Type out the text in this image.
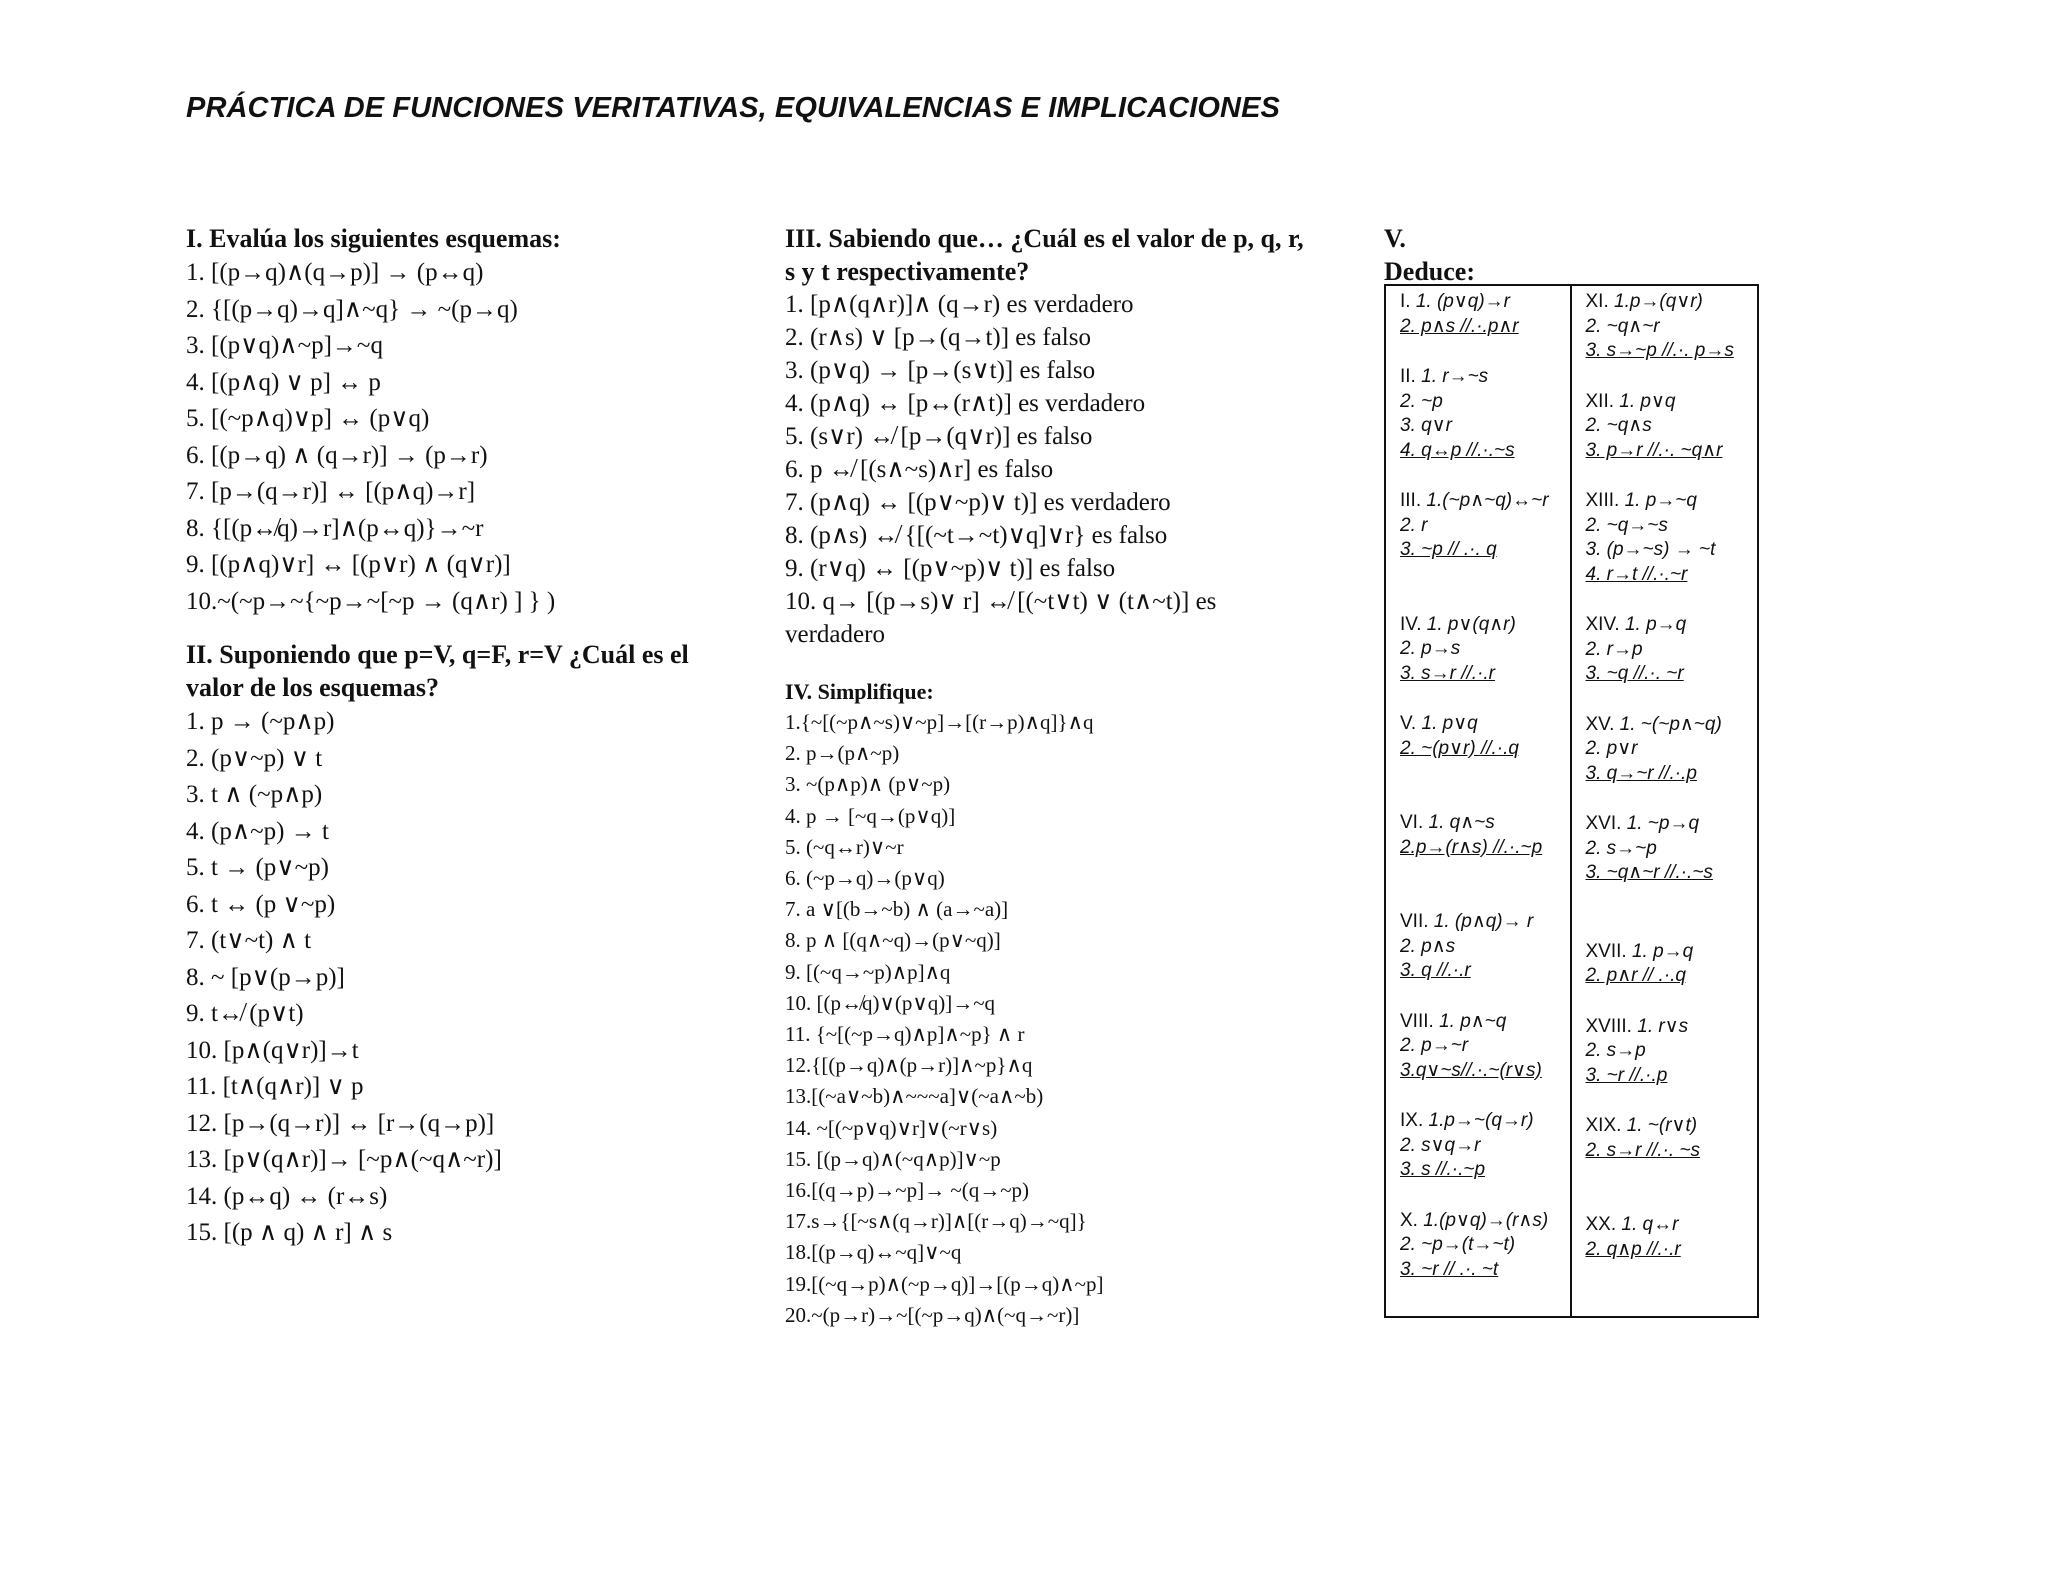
PRÁCTICA DE FUNCIONES VERITATIVAS, EQUIVALENCIAS E IMPLICACIONES
I. Evalúa los siguientes esquemas:
1. [(p→q)∧(q→p)] → (p↔q)
2. {[(p→q)→q]∧~q} → ~(p→q)
3. [(p∨q)∧~p]→~q
4. [(p∧q) ∨ p] ↔ p
5. [(~p∧q)∨p] ↔ (p∨q)
6. [(p→q) ∧ (q→r)] → (p→r)
7. [p→(q→r)] ↔ [(p∧q)→r]
8. {[(p↮q)→r]∧(p↔q)}→~r
9. [(p∧q)∨r] ↔ [(p∨r) ∧ (q∨r)]
10.~(~p→~{~p→~[~p → (q∧r) ] } )
II. Suponiendo que p=V, q=F, r=V ¿Cuál es el valor de los esquemas?
1. p → (~p∧p)
2. (p∨~p) ∨ t
3. t ∧ (~p∧p)
4. (p∧~p) → t
5. t → (p∨~p)
6. t ↔ (p ∨~p)
7. (t∨~t) ∧ t
8. ~ [p∨(p→p)]
9. t↮ (p∨t)
10. [p∧(q∨r)]→t
11. [t∧(q∧r)] ∨ p
12. [p→(q→r)] ↔ [r→(q→p)]
13. [p∨(q∧r)]→ [~p∧(~q∧~r)]
14. (p↔q) ↔ (r↔s)
15. [(p ∧ q) ∧ r] ∧ s
III. Sabiendo que… ¿Cuál es el valor de p, q, r, s y t respectivamente?
1. [p∧(q∧r)]∧ (q→r) es verdadero
2. (r∧s) ∨ [p→(q→t)] es falso
3. (p∨q) → [p→(s∨t)] es falso
4. (p∧q) ↔ [p↔(r∧t)] es verdadero
5. (s∨r) ↮ [p→(q∨r)] es falso
6. p ↮ [(s∧~s)∧r] es falso
7. (p∧q) ↔ [(p∨~p)∨ t)] es verdadero
8. (p∧s) ↮ {[(~t→~t)∨q]∨r} es falso
9. (r∨q) ↔ [(p∨~p)∨ t)] es falso
10. q→ [(p→s)∨ r] ↮ [(~t∨t) ∨ (t∧~t)] es verdadero
IV. Simplifique:
1.{~[(~p∧~s)∨~p]→[(r→p)∧q]}∧q
2. p→(p∧~p)
3. ~(p∧p)∧ (p∨~p)
4. p → [~q→(p∨q)]
5. (~q↔r)∨~r
6. (~p→q)→(p∨q)
7. a ∨[(b→~b) ∧ (a→~a)]
8. p ∧ [(q∧~q)→(p∨~q)]
9. [(~q→~p)∧p]∧q
10. [(p↮q)∨(p∨q)]→~q
11. {~[(~p→q)∧p]∧~p} ∧ r
12.{[(p→q)∧(p→r)]∧~p}∧q
13.[(~a∨~b)∧~~~a]∨(~a∧~b)
14. ~[(~p∨q)∨r]∨(~r∨s)
15. [(p→q)∧(~q∧p)]∨~p
16.[(q→p)→~p]→ ~(q→~p)
17.s→{[~s∧(q→r)]∧[(r→q)→~q]}
18.[(p→q)↔~q]∨~q
19.[(~q→p)∧(~p→q)]→[(p→q)∧~p]
20.~(p→r)→~[(~p→q)∧(~q→~r)]
V. Deduce:
I. 1. (p∨q)→r
2. p∧s //.·.p∧r
II. 1. r→~s
2. ~p
3. q∨r
4. q↔p //.·.~s
III. 1.(~p∧~q)↔~r
2. r
3. ~p // .·. q
IV. 1. p∨(q∧r)
2. p→s
3. s→r //.·.r
V. 1. p∨q
2. ~(p∨r) //.·.q
VI. 1. q∧~s
2.p→(r∧s) //.·.~p
VII. 1. (p∧q)→ r
2. p∧s
3. q //.·.r
VIII. 1. p∧~q
2. p→~r
3.q∨~s//.·.~(r∨s)
IX. 1.p→~(q→r)
2. s∨q→r
3. s //.·.~p
X. 1.(p∨q)→(r∧s)
2. ~p→(t→~t)
3. ~r // .·. ~t
XI. 1.p→(q∨r)
2. ~q∧~r
3. s→~p //.·. p→s
XII. 1. p∨q
2. ~q∧s
3. p→r //.·. ~q∧r
XIII. 1. p→~q
2. ~q→~s
3. (p→~s) → ~t
4. r→t //.·.~r
XIV. 1. p→q
2. r→p
3. ~q //.·. ~r
XV. 1. ~(~p∧~q)
2. p∨r
3. q→~r //.·.p
XVI. 1. ~p→q
2. s→~p
3. ~q∧~r //.·.~s
XVII. 1. p→q
2. p∧r // .·.q
XVIII. 1. r∨s
2. s→p
3. ~r //.·.p
XIX. 1. ~(r∨t)
2. s→r //.·. ~s
XX. 1. q↔r
2. q∧p //.·.r
